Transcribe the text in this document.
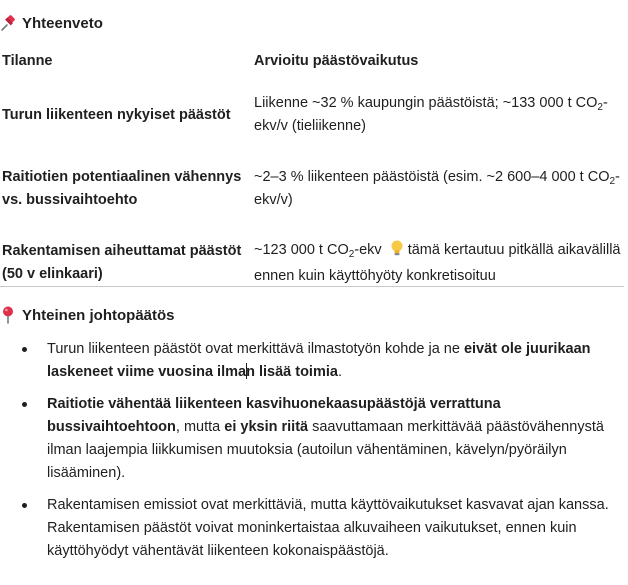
Yhteenveto
Tilanne	Arvioitu päästövaikutus
Turun liikenteen nykyiset päästöt	Liikenne ~32 % kaupungin päästöistä; ~133 000 t $CO_2-ekv/v$ (tieliikenne)
Raitiotien potentiaalinen vähennys vs. bussivaihtoehto	~2–3 % liikenteen päästöistä (esim. ~2 600–4 000 t $CO_2-ekv/v$)
Rakentamisen aiheuttamat päästöt (50 v elinkaari)	~123 000 t $CO_2$-ekv tämä kertautuu pitkällä aikavälillä ennen kuin käyttöhyöty konkretisoituu
Yhteinen johtopäätös
Turun liikenteen päästöt ovat merkittävä ilmastotyön kohde ja ne eivät ole juurikaan laskeneet viime vuosina ilman lisää toimia.
Raitiotie vähentää liikenteen kasvihuonekaasupäästöjä verrattuna bussivaihtoehtoon, mutta ei yksin riitä saavuttamaan merkittävää päästövähennystä ilman laajempia liikkumisen muutoksia (autoilun vähentäminen, kävelyn/pyöräilyn lisääminen).
Rakentamisen emissiot ovat merkittäviä, mutta käyttövaikutukset kasvavat ajan kanssa. Rakentamisen päästöt voivat moninkertaistaa alkuvaiheen vaikutukset, ennen kuin käyttöhyödyt vähentävät liikenteen kokonaispäästöjä.
